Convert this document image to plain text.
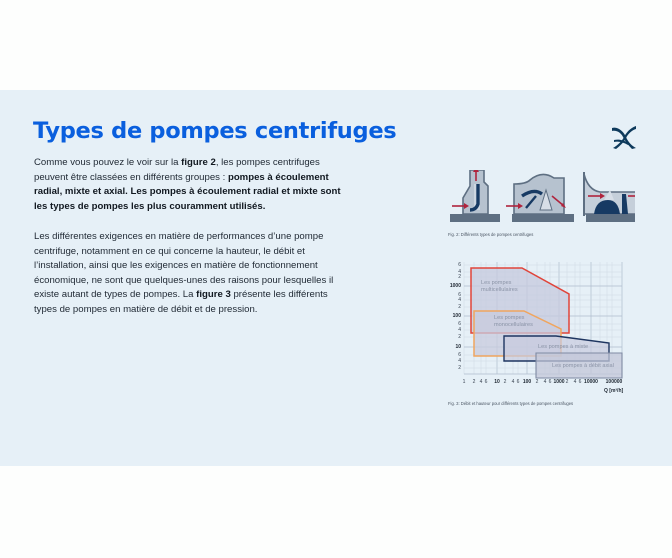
Types de pompes centrifuges

Comme vous pouvez le voir sur la figure 2, les pompes centrifuges peuvent être classées en différents groupes : pompes à écoulement radial, mixte et axial. Les pompes à écoulement radial et mixte sont les types de pompes les plus couramment utilisés.

Les différentes exigences en matière de performances d’une pompe centrifuge, notamment en ce qui concerne la hauteur, le débit et l’installation, ainsi que les exigences en matière de fonctionnement économique, ne sont que quelques-unes des raisons pour lesquelles il existe autant de types de pompes. La figure 3 présente les différents types de pompes en matière de débit et de pression.

Fig. 2: Différents types de pompes centrifuges
6
4
2
1000
6
4
2
100
6
4
2
10
6
4
2
1 2 4 6 10 2 4 6 100 2 4 6 1000 2 4 6 10000 100000
Q [m³/h]
Les pompes
multicellulaires
Les pompes
monocellulaires
Les pompes à mixte
Les pompes à débit axial
Fig. 3: Débit et hauteur pour différents types de pompes centrifuges
